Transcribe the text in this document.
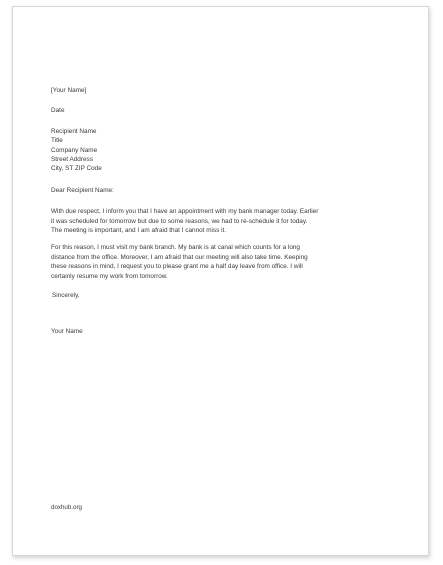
[Your Name]
Date
Recipient Name
Title
Company Name
Street Address
City, ST ZIP Code
Dear Recipient Name:
With due respect, I inform you that I have an appointment with my bank manager today. Earlier
it was scheduled for tomorrow but due to some reasons, we had to re-schedule it for today.
The meeting is important, and I am afraid that I cannot miss it.
For this reason, I must visit my bank branch. My bank is at canal which counts for a long
distance from the office. Moreover, I am afraid that our meeting will also take time. Keeping
these reasons in mind, I request you to please grant me a half day leave from office. I will
certainly resume my work from tomorrow.
Sincerely,
Your Name
doxhub.org
